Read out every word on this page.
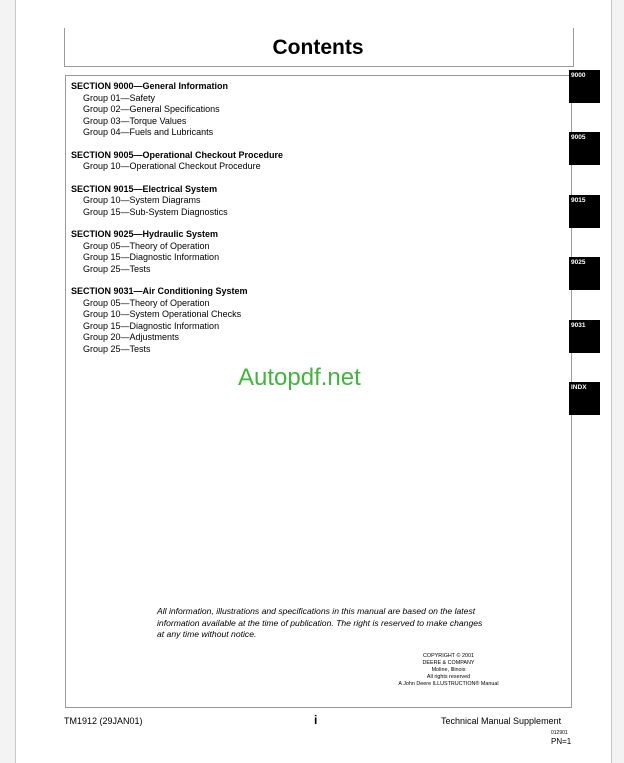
Contents
SECTION 9000—General Information
Group 01—Safety
Group 02—General Specifications
Group 03—Torque Values
Group 04—Fuels and Lubricants
SECTION 9005—Operational Checkout Procedure
Group 10—Operational Checkout Procedure
SECTION 9015—Electrical System
Group 10—System Diagrams
Group 15—Sub-System Diagnostics
SECTION 9025—Hydraulic System
Group 05—Theory of Operation
Group 15—Diagnostic Information
Group 25—Tests
SECTION 9031—Air Conditioning System
Group 05—Theory of Operation
Group 10—System Operational Checks
Group 15—Diagnostic Information
Group 20—Adjustments
Group 25—Tests
9000
9005
9015
9025
9031
INDX
Autopdf.net
All information, illustrations and specifications in this manual are based on the latest information available at the time of publication. The right is reserved to make changes at any time without notice.
COPYRIGHT © 2001
DEERE & COMPANY
Moline, Illinois
All rights reserved
A John Deere ILLUSTRUCTION® Manual
TM1912 (29JAN01)	i	Technical Manual Supplement
012901
PN=1
